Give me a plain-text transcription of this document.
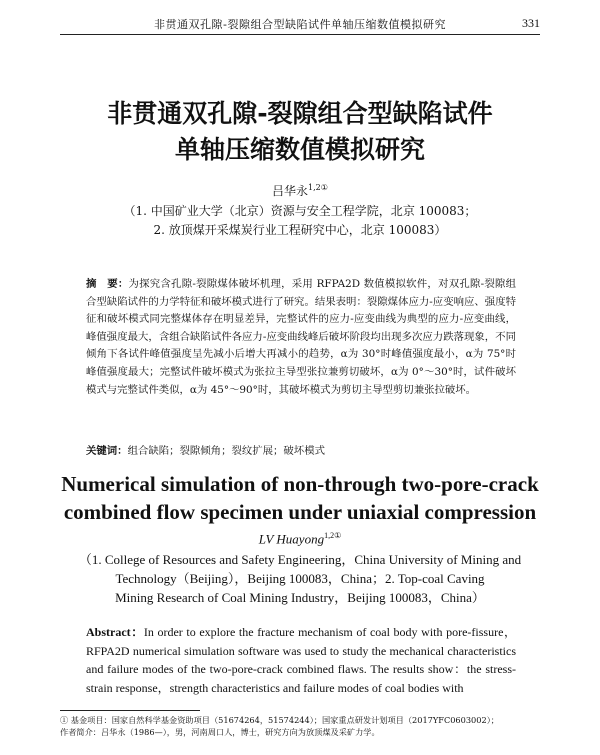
非贯通双孔隙-裂隙组合型缺陷试件单轴压缩数值模拟研究	331
非贯通双孔隙-裂隙组合型缺陷试件
单轴压缩数值模拟研究
吕华永$^{1,2①}$
（1. 中国矿业大学（北京）资源与安全工程学院，北京 100083；
2. 放顶煤开采煤炭行业工程研究中心，北京 100083）
摘　要：为探究含孔隙-裂隙煤体破坏机理，采用 RFPA2D 数值模拟软件，对双孔隙-裂隙组合型缺陷试件的力学特征和破坏模式进行了研究。结果表明：裂隙煤体应力-应变响应、强度特征和破坏模式同完整煤体存在明显差异，完整试件的应力-应变曲线为典型的应力-应变曲线，峰值强度最大，含组合缺陷试件各应力-应变曲线峰后破坏阶段均出现多次应力跌落现象，不同倾角下各试件峰值强度呈先减小后增大再减小的趋势，α为 30°时峰值强度最小，α为 75°时峰值强度最大；完整试件破坏模式为张拉主导型张拉兼剪切破坏，α为 0°～30°时，试件破坏模式与完整试件类似，α为 45°～90°时，其破坏模式为剪切主导型剪切兼张拉破坏。
关键词：组合缺陷；裂隙倾角；裂纹扩展；破坏模式
Numerical simulation of non-through two-pore-crack
combined flow specimen under uniaxial compression
LV Huayong$^{1,2①}$
（1. College of Resources and Safety Engineering，China University of Mining and
Technology（Beijing），Beijing 100083，China；2. Top-coal Caving
Mining Research of Coal Mining Industry，Beijing 100083，China）
Abstract：In order to explore the fracture mechanism of coal body with pore-fissure，RFPA2D numerical simulation software was used to study the mechanical characteristics and failure modes of the two-pore-crack combined flaws. The results show：the stress-strain response，strength characteristics and failure modes of coal bodies with
① 基金项目：国家自然科学基金资助项目（51674264，51574244）；国家重点研发计划项目（2017YFC0603002）；
作者简介：吕华永（1986—），男，河南周口人，博士，研究方向为放顶煤及采矿力学。
